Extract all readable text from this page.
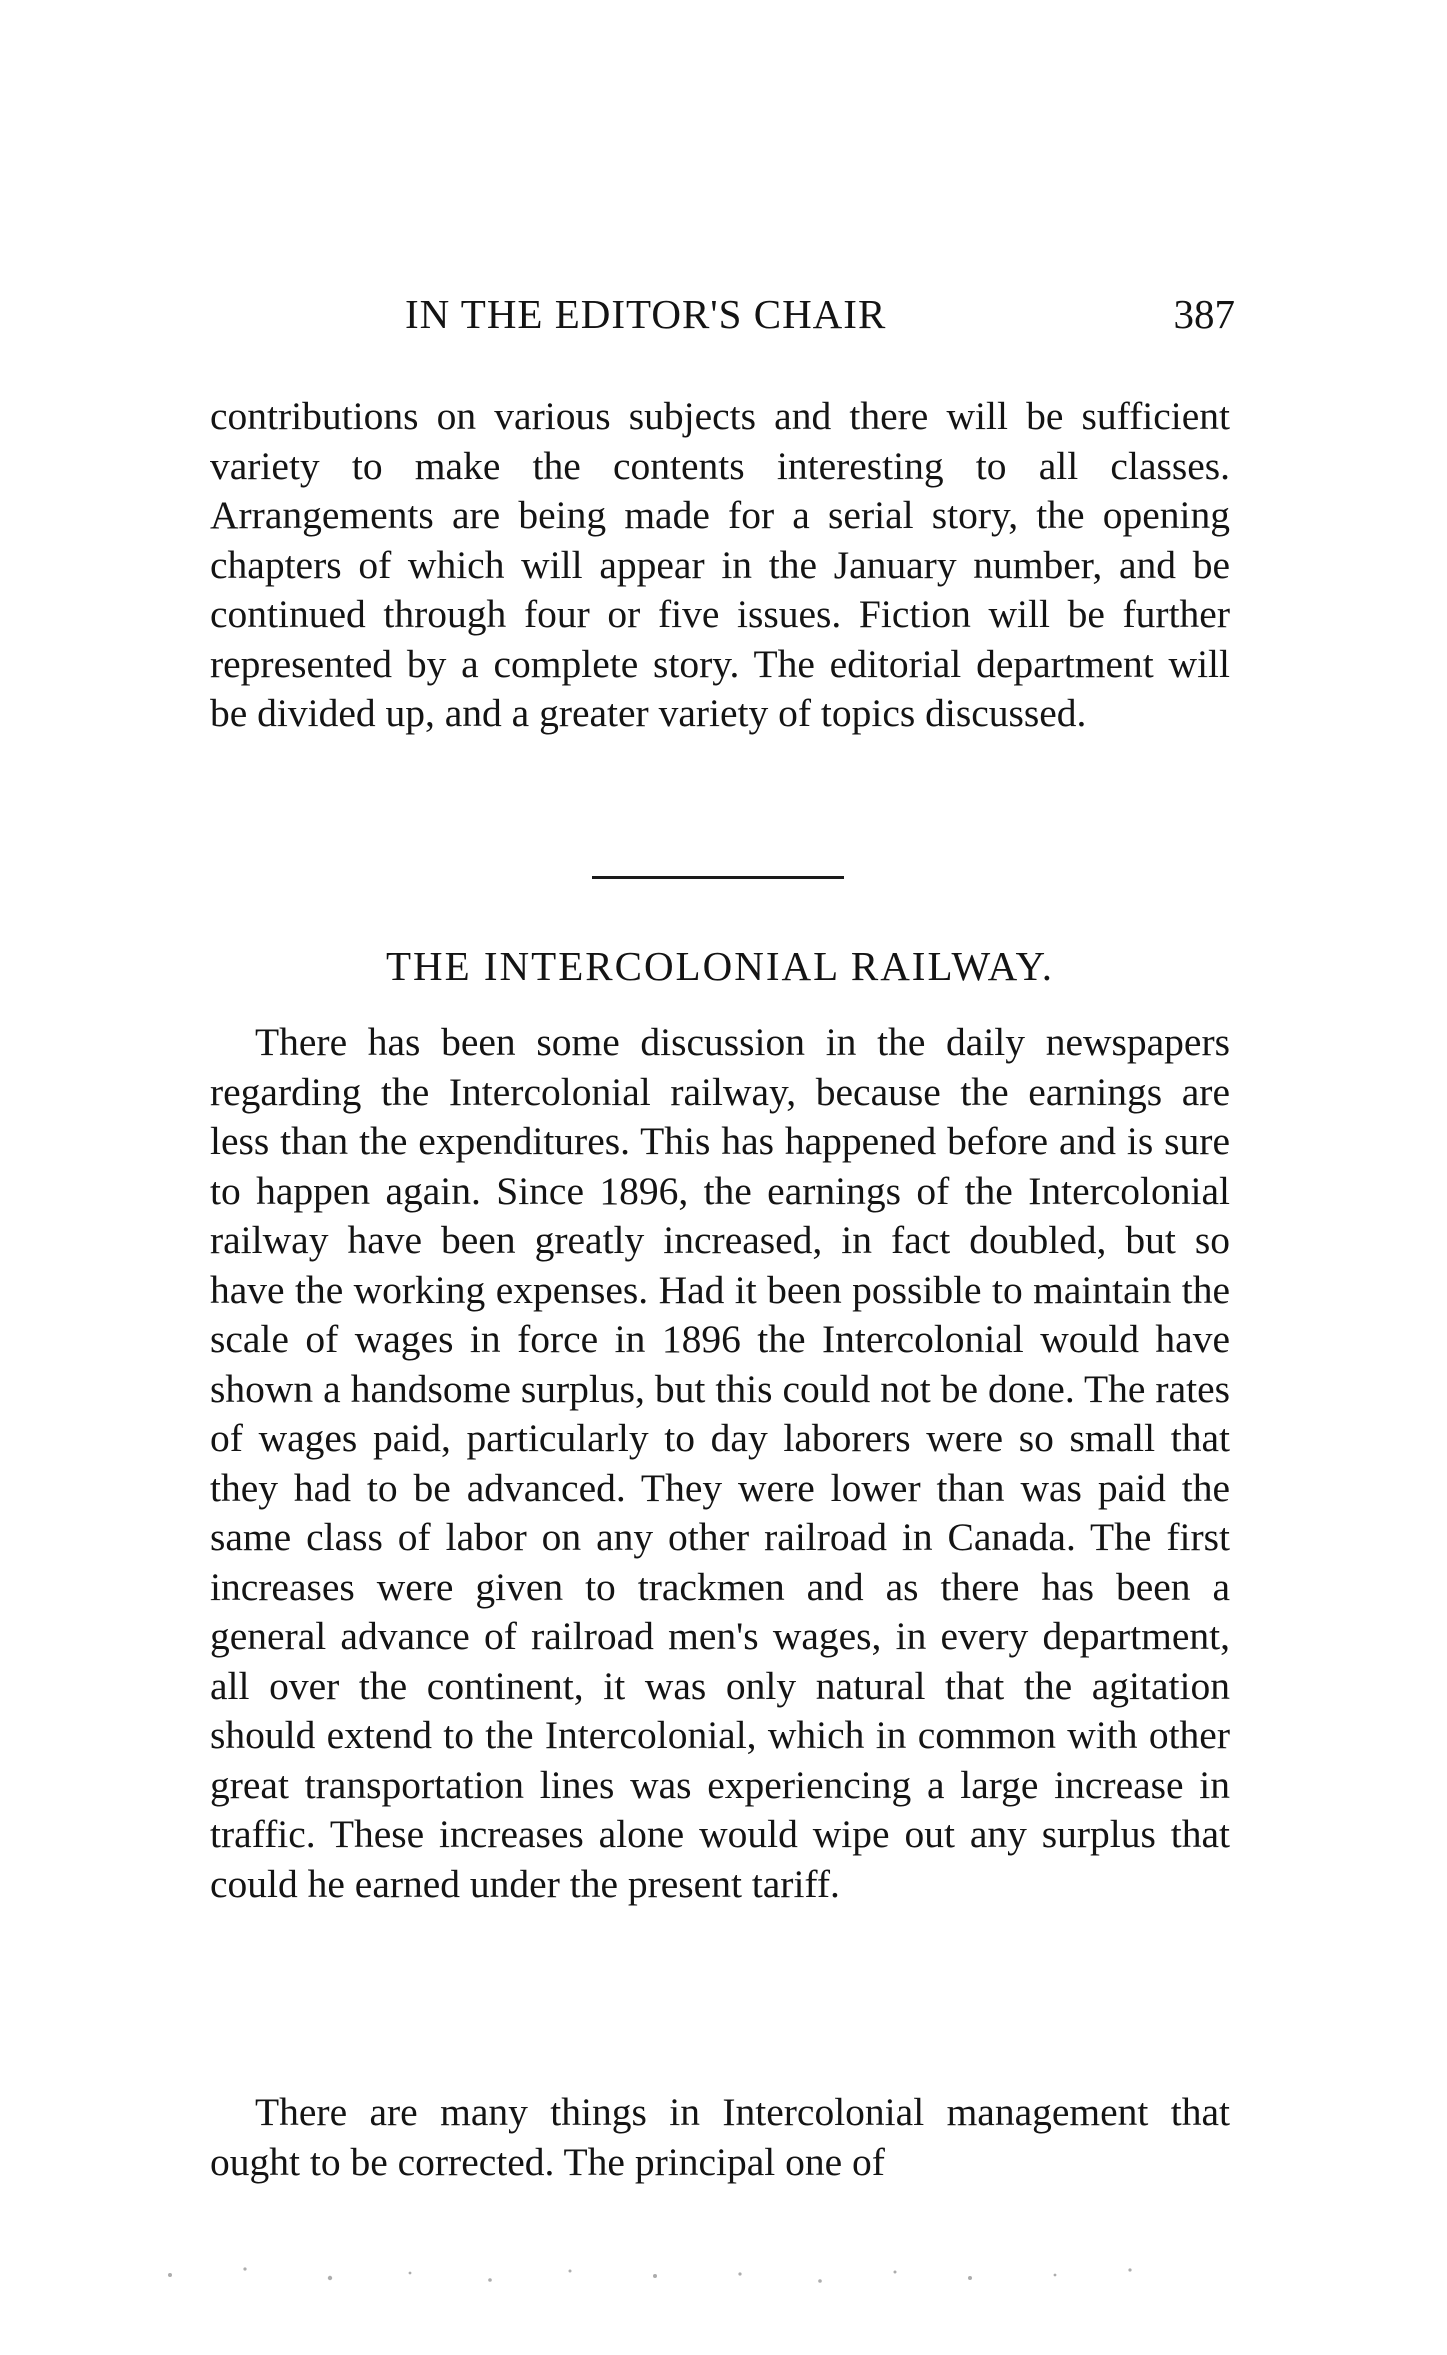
IN THE EDITOR'S CHAIR	387

contributions on various subjects and there will be sufficient variety to make the contents interesting to all classes. Arrangements are being made for a serial story, the opening chapters of which will appear in the January number, and be continued through four or five issues. Fiction will be further represented by a complete story. The editorial department will be divided up, and a greater variety of topics discussed.

THE INTERCOLONIAL RAILWAY.

There has been some discussion in the daily newspapers regarding the Intercolonial railway, because the earnings are less than the expenditures. This has happened before and is sure to happen again. Since 1896, the earnings of the Intercolonial railway have been greatly increased, in fact doubled, but so have the working expenses. Had it been possible to maintain the scale of wages in force in 1896 the Intercolonial would have shown a handsome surplus, but this could not be done. The rates of wages paid, particularly to day laborers were so small that they had to be advanced. They were lower than was paid the same class of labor on any other railroad in Canada. The first increases were given to trackmen and as there has been a general advance of railroad men's wages, in every department, all over the continent, it was only natural that the agitation should extend to the Intercolonial, which in common with other great transportation lines was experiencing a large increase in traffic. These increases alone would wipe out any surplus that could he earned under the present tariff.

There are many things in Intercolonial management that ought to be corrected. The principal one of
